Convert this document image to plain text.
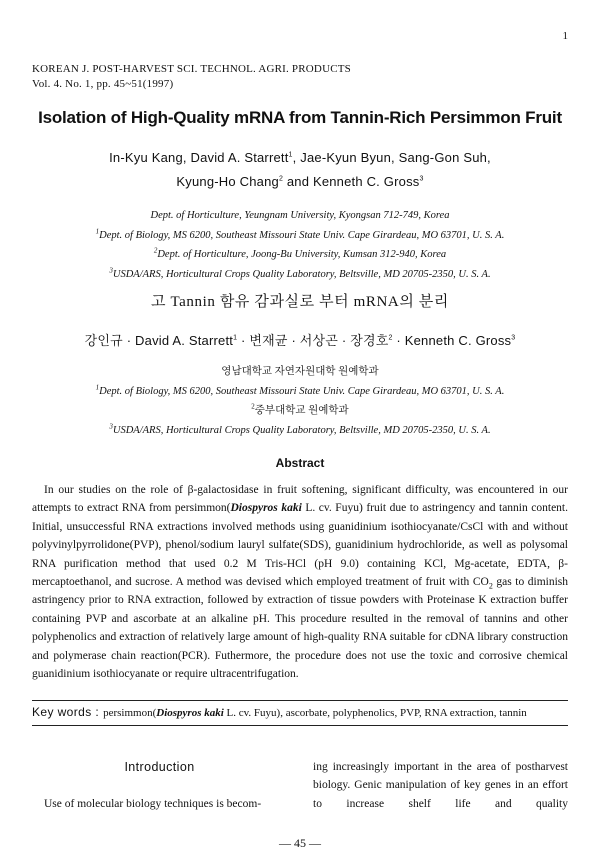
1
KOREAN J. POST-HARVEST SCI. TECHNOL. AGRI. PRODUCTS
Vol. 4. No. 1, pp. 45~51(1997)
Isolation of High-Quality mRNA from Tannin-Rich Persimmon Fruit
In-Kyu Kang, David A. Starrett$^1$, Jae-Kyun Byun, Sang-Gon Suh,
Kyung-Ho Chang$^2$ and Kenneth C. Gross$^3$
Dept. of Horticulture, Yeungnam University, Kyongsan 712-749, Korea
$^1$Dept. of Biology, MS 6200, Southeast Missouri State Univ. Cape Girardeau, MO 63701, U. S. A.
$^2$Dept. of Horticulture, Joong-Bu University, Kumsan 312-940, Korea
$^3$USDA/ARS, Horticultural Crops Quality Laboratory, Beltsville, MD 20705-2350, U. S. A.
고 Tannin 함유 감과실로 부터 mRNA의 분리
강인규 · David A. Starrett$^1$ · 변재균 · 서상곤 · 장경호$^2$ · Kenneth C. Gross$^3$
영남대학교 자연자원대학 원예학과
$^1$Dept. of Biology, MS 6200, Southeast Missouri State Univ. Cape Girardeau, MO 63701, U. S. A.
$^2$중부대학교 원예학과
$^3$USDA/ARS, Horticultural Crops Quality Laboratory, Beltsville, MD 20705-2350, U. S. A.
Abstract
In our studies on the role of β-galactosidase in fruit softening, significant difficulty, was encountered in our attempts to extract RNA from persimmon(Diospyros kaki L. cv. Fuyu) fruit due to astringency and tannin content. Initial, unsuccessful RNA extractions involved methods using guanidinium isothiocyanate/CsCl with and without polyvinylpyrrolidone(PVP), phenol/sodium lauryl sulfate(SDS), guanidinium hydrochloride, as well as polysomal RNA purification method that used 0.2 M Tris-HCl (pH 9.0) containing KCl, Mg-acetate, EDTA, β-mercaptoethanol, and sucrose. A method was devised which employed treatment of fruit with $CO_2$ gas to diminish astringency prior to RNA extraction, followed by extraction of tissue powders with Proteinase K extraction buffer containing PVP and ascorbate at an alkaline pH. This procedure resulted in the removal of tannins and other polyphenolics and extraction of relatively large amount of high-quality RNA suitable for cDNA library construction and polymerase chain reaction(PCR). Futhermore, the procedure does not use the toxic and corrosive chemical guanidinium isothiocyanate or require ultracentrifugation.
Key words : persimmon(Diospyros kaki L. cv. Fuyu), ascorbate, polyphenolics, PVP, RNA extraction, tannin
Introduction
Use of molecular biology techniques is becom-
ing increasingly important in the area of postharvest biology. Genic manipulation of key genes in an effort to increase shelf life and quality
— 45 —
